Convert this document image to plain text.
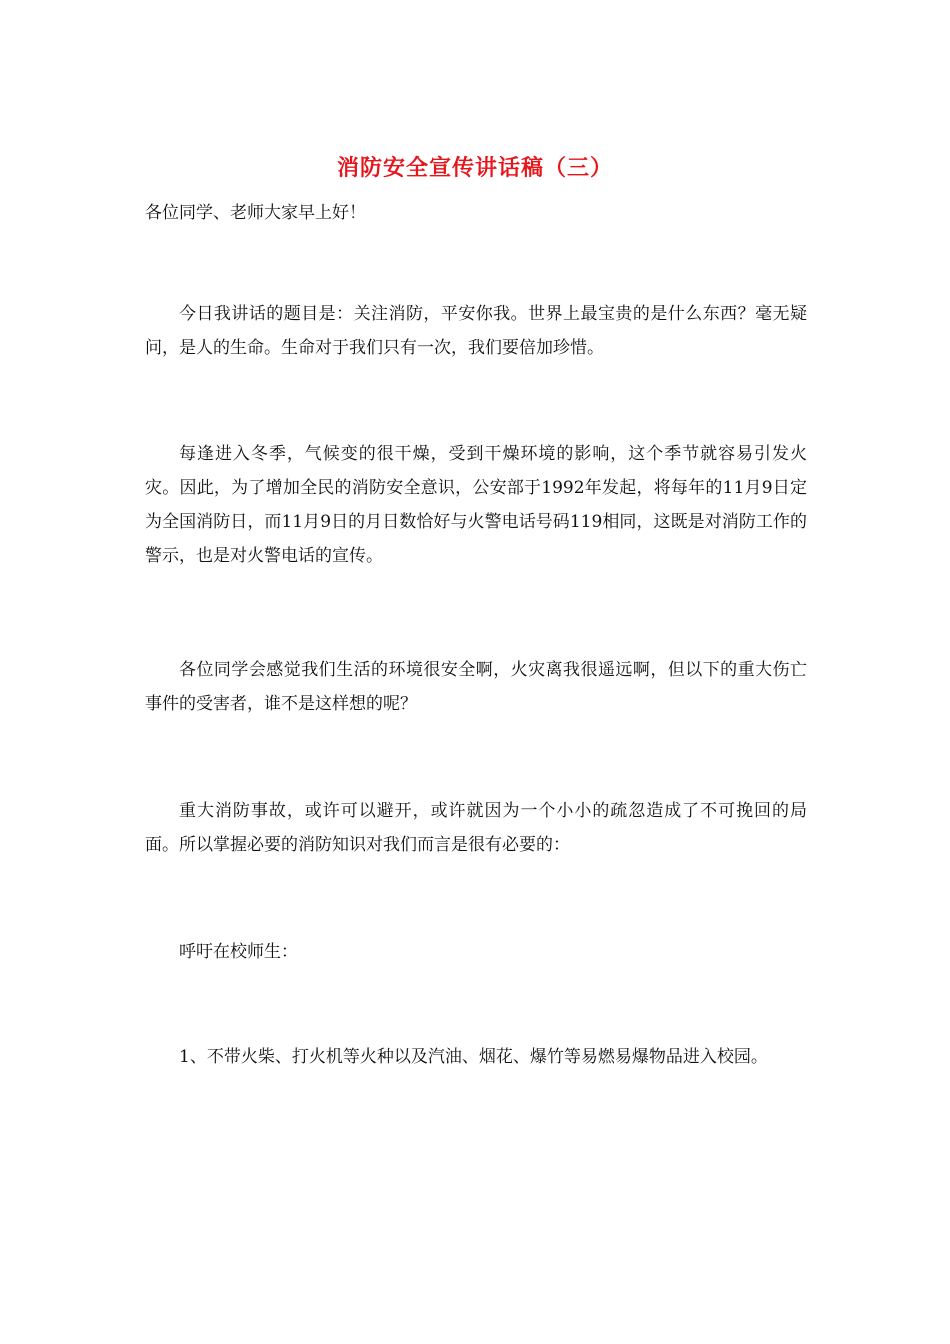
消防安全宣传讲话稿（三）

各位同学、老师大家早上好！

今日我讲话的题目是：关注消防，平安你我。世界上最宝贵的是什么东西？毫无疑问，是人的生命。生命对于我们只有一次，我们要倍加珍惜。

每逢进入冬季，气候变的很干燥，受到干燥环境的影响，这个季节就容易引发火灾。因此，为了增加全民的消防安全意识，公安部于1992年发起，将每年的11月9日定为全国消防日，而11月9日的月日数恰好与火警电话号码119相同，这既是对消防工作的警示，也是对火警电话的宣传。

各位同学会感觉我们生活的环境很安全啊，火灾离我很遥远啊，但以下的重大伤亡事件的受害者，谁不是这样想的呢？

重大消防事故，或许可以避开，或许就因为一个小小的疏忽造成了不可挽回的局面。所以掌握必要的消防知识对我们而言是很有必要的：

呼吁在校师生：

1、不带火柴、打火机等火种以及汽油、烟花、爆竹等易燃易爆物品进入校园。
